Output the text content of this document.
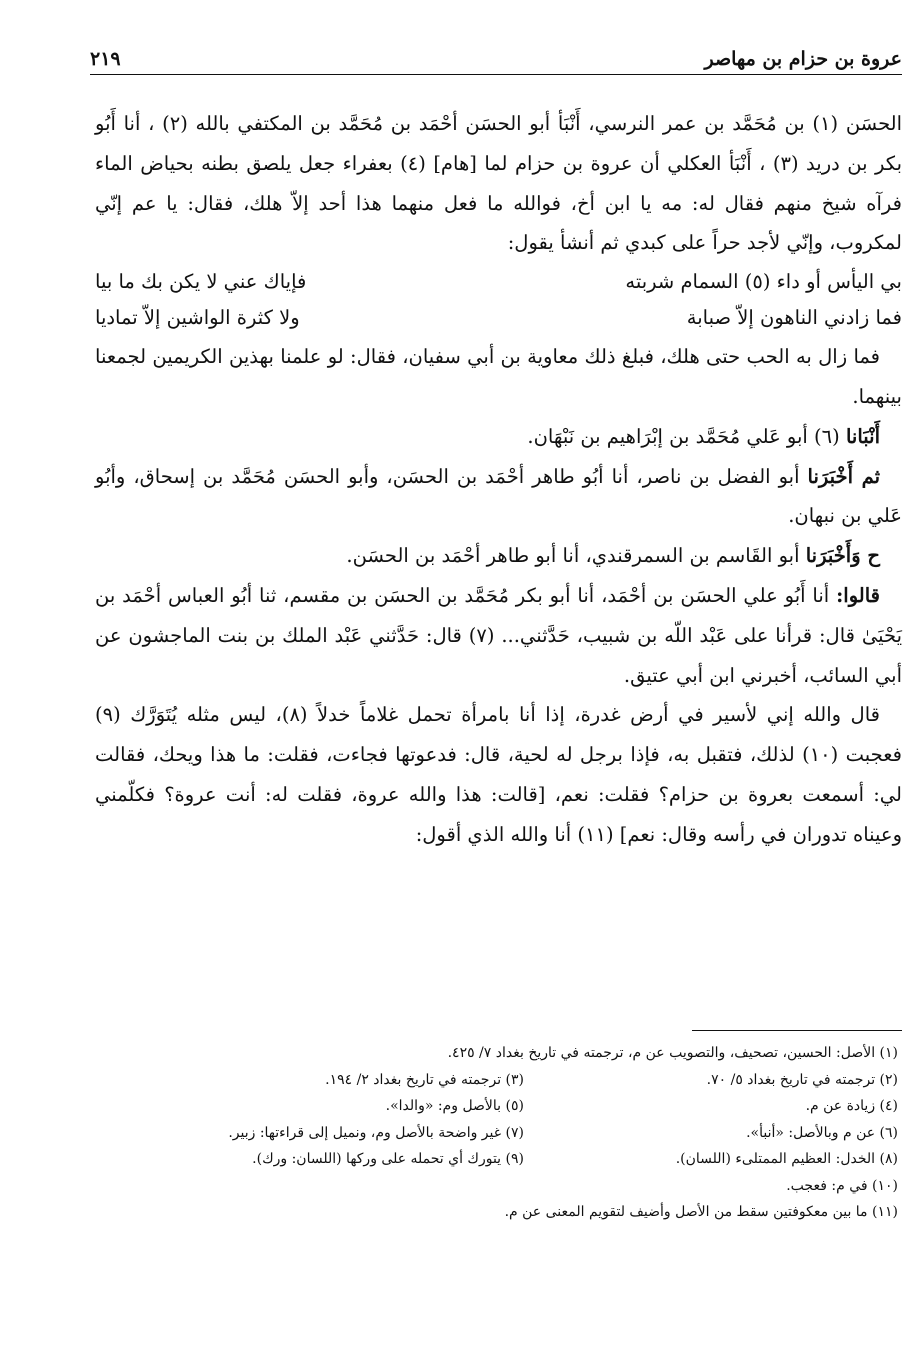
عروة بن حزام بن مهاصر
٢١٩

الحسَن (١) بن مُحَمَّد بن عمر النرسي، أَنْبَأ أبو الحسَن أحْمَد بن مُحَمَّد بن المكتفي بالله (٢) ، أنا أَبُو بكر بن دريد (٣) ، أَنْبَأ العكلي أن عروة بن حزام لما [هام] (٤) بعفراء جعل يلصق بطنه بحياض الماء فرآه شيخ منهم فقال له: مه يا ابن أخ، فوالله ما فعل منهما هذا أحد إلاّ هلك، فقال: يا عم إنّي لمكروب، وإنّي لأجد حراً على كبدي ثم أنشأ يقول:

بي اليأس أو داء (٥) السمام شربته
فإياك عني لا يكن بك ما بيا
فما زادني الناهون إلاّ صبابة
ولا كثرة الواشين إلاّ تماديا

فما زال به الحب حتى هلك، فبلغ ذلك معاوية بن أبي سفيان، فقال: لو علمنا بهذين الكريمين لجمعنا بينهما.

أَنْبَانا (٦) أبو عَلي مُحَمَّد بن إبْرَاهيم بن نَبْهَان.

ثم أَخْبَرَنا أبو الفضل بن ناصر، أنا أبُو طاهر أحْمَد بن الحسَن، وأبو الحسَن مُحَمَّد بن إسحاق، وأبُو عَلي بن نبهان.

ح وَأَخْبَرَنا أبو القَاسم بن السمرقندي، أنا أبو طاهر أحْمَد بن الحسَن.

قالوا: أنا أَبُو علي الحسَن بن أحْمَد، أنا أبو بكر مُحَمَّد بن الحسَن بن مقسم، ثنا أبُو العباس أحْمَد بن يَحْيَىٰ قال: قرأنا على عَبْد اللّه بن شبيب، حَدَّثني... (٧) قال: حَدَّثني عَبْد الملك بن بنت الماجشون عن أبي السائب، أخبرني ابن أبي عتيق.

قال والله إني لأسير في أرض غدرة، إذا أنا بامرأة تحمل غلاماً خدلاً (٨)، ليس مثله يُتَوَرَّك (٩) فعجبت (١٠) لذلك، فتقبل به، فإذا برجل له لحية، قال: فدعوتها فجاءت، فقلت: ما هذا ويحك، فقالت لي: أسمعت بعروة بن حزام؟ فقلت: نعم، [قالت: هذا والله عروة، فقلت له: أنت عروة؟ فكلّمني وعيناه تدوران في رأسه وقال: نعم] (١١) أنا والله الذي أقول:

(١) الأصل: الحسين، تصحيف، والتصويب عن م، ترجمته في تاريخ بغداد ٧/ ٤٢٥.
(٢) ترجمته في تاريخ بغداد ٥/ ٧٠.
(٣) ترجمته في تاريخ بغداد ٢/ ١٩٤.
(٤) زيادة عن م.
(٥) بالأصل وم: «والدا».
(٦) عن م وبالأصل: «أنبأ».
(٧) غير واضحة بالأصل وم، ونميل إلى قراءتها: زبير.
(٨) الخدل: العظيم الممتلىء (اللسان).
(٩) يتورك أي تحمله على وركها (اللسان: ورك).
(١٠) في م: فعجب.
(١١) ما بين معكوفتين سقط من الأصل وأضيف لتقويم المعنى عن م.
